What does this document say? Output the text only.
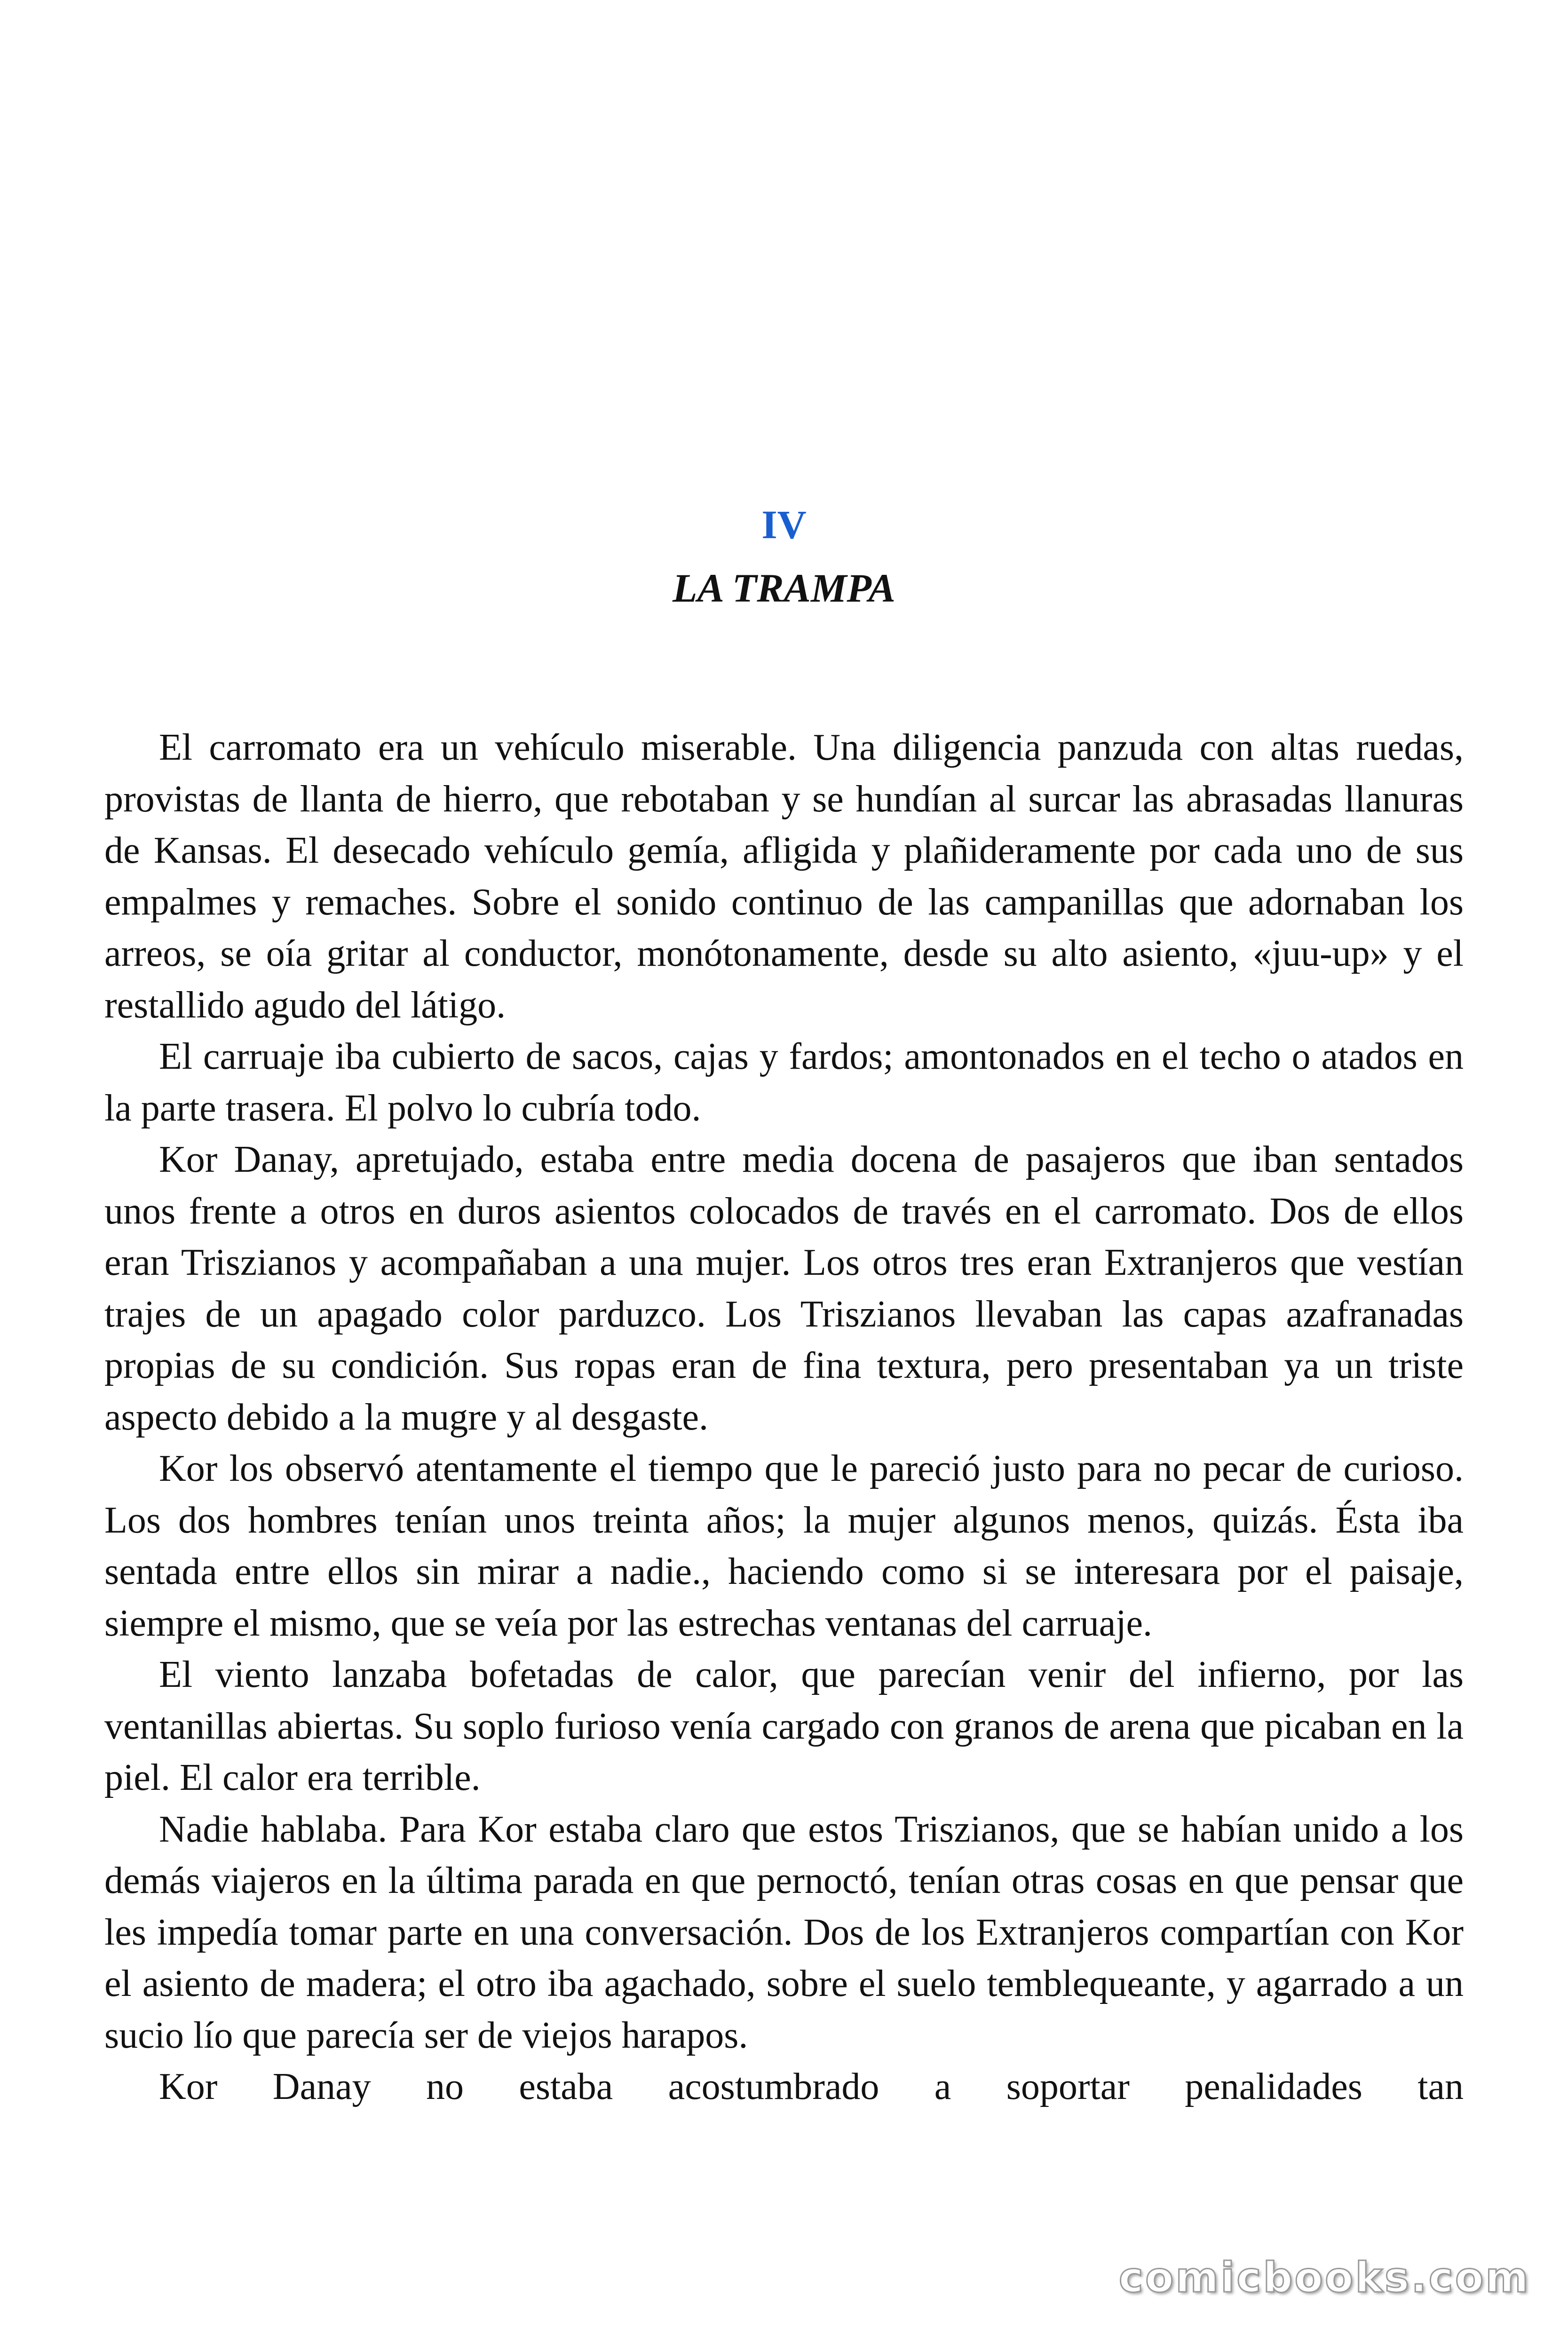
IV
LA TRAMPA

El carromato era un vehículo miserable. Una diligencia panzuda con altas ruedas, provistas de llanta de hierro, que rebotaban y se hundían al surcar las abrasadas llanuras de Kansas. El desecado vehículo gemía, afligida y plañideramente por cada uno de sus empalmes y remaches. Sobre el sonido continuo de las campanillas que adornaban los arreos, se oía gritar al conductor, monótonamente, desde su alto asiento, «juu-up» y el restallido agudo del látigo.

El carruaje iba cubierto de sacos, cajas y fardos; amontonados en el techo o atados en la parte trasera. El polvo lo cubría todo.

Kor Danay, apretujado, estaba entre media docena de pasajeros que iban sentados unos frente a otros en duros asientos colocados de través en el carromato. Dos de ellos eran Triszianos y acompañaban a una mujer. Los otros tres eran Extranjeros que vestían trajes de un apagado color parduzco. Los Triszianos llevaban las capas azafranadas propias de su condición. Sus ropas eran de fina textura, pero presentaban ya un triste aspecto debido a la mugre y al desgaste.

Kor los observó atentamente el tiempo que le pareció justo para no pecar de curioso. Los dos hombres tenían unos treinta años; la mujer algunos menos, quizás. Ésta iba sentada entre ellos sin mirar a nadie., haciendo como si se interesara por el paisaje, siempre el mismo, que se veía por las estrechas ventanas del carruaje.

El viento lanzaba bofetadas de calor, que parecían venir del infierno, por las ventanillas abiertas. Su soplo furioso venía cargado con granos de arena que picaban en la piel. El calor era terrible.

Nadie hablaba. Para Kor estaba claro que estos Triszianos, que se habían unido a los demás viajeros en la última parada en que pernoctó, tenían otras cosas en que pensar que les impedía tomar parte en una conversación. Dos de los Extranjeros compartían con Kor el asiento de madera; el otro iba agachado, sobre el suelo temblequeante, y agarrado a un sucio lío que parecía ser de viejos harapos.

Kor Danay no estaba acostumbrado a soportar penalidades tan

comicbooks.com
